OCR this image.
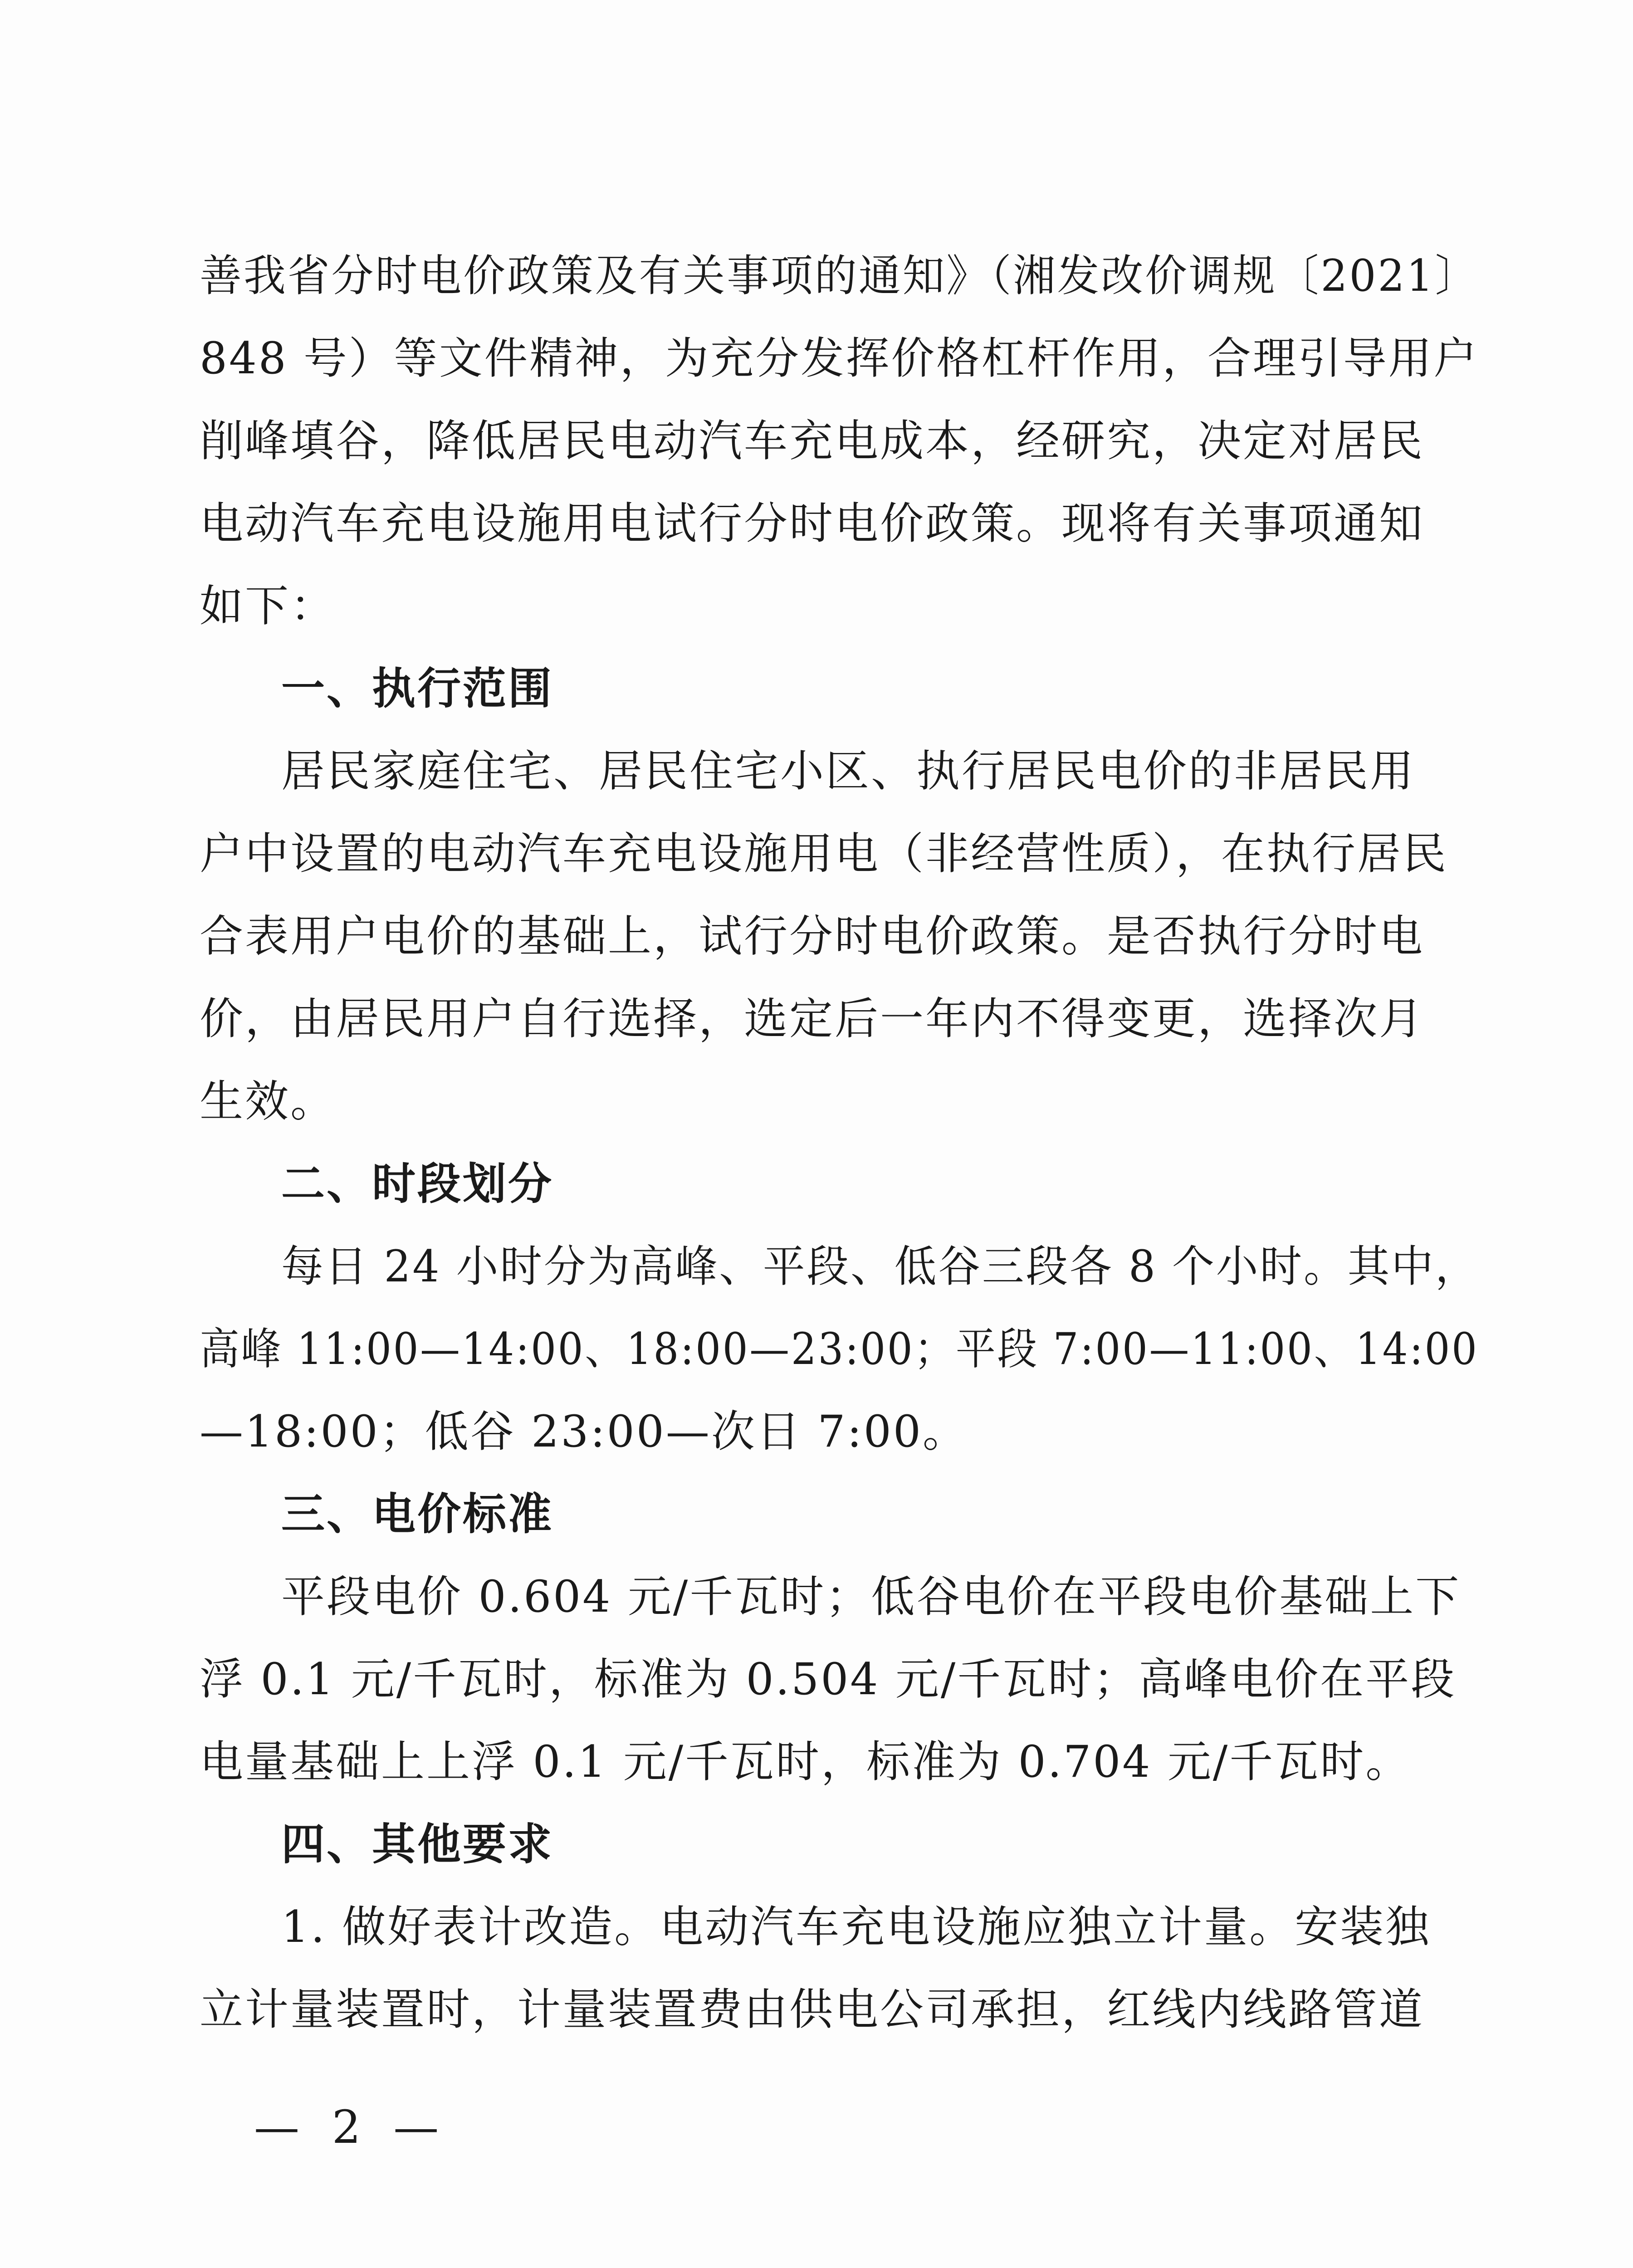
善我省分时电价政策及有关事项的通知》（湘发改价调规〔2021〕
848 号）等文件精神，为充分发挥价格杠杆作用，合理引导用户
削峰填谷，降低居民电动汽车充电成本，经研究，决定对居民
电动汽车充电设施用电试行分时电价政策。现将有关事项通知
如下：
一、执行范围
居民家庭住宅、居民住宅小区、执行居民电价的非居民用
户中设置的电动汽车充电设施用电（非经营性质），在执行居民
合表用户电价的基础上，试行分时电价政策。是否执行分时电
价，由居民用户自行选择，选定后一年内不得变更，选择次月
生效。
二、时段划分
每日 24 小时分为高峰、平段、低谷三段各 8 个小时。其中，
高峰 11:00—14:00、18:00—23:00；平段 7:00—11:00、14:00
—18:00；低谷 23:00—次日 7:00。
三、电价标准
平段电价 0.604 元/千瓦时；低谷电价在平段电价基础上下
浮 0.1 元/千瓦时，标准为 0.504 元/千瓦时；高峰电价在平段
电量基础上上浮 0.1 元/千瓦时，标准为 0.704 元/千瓦时。
四、其他要求
1. 做好表计改造。电动汽车充电设施应独立计量。安装独
立计量装置时，计量装置费由供电公司承担，红线内线路管道
— 2 —
